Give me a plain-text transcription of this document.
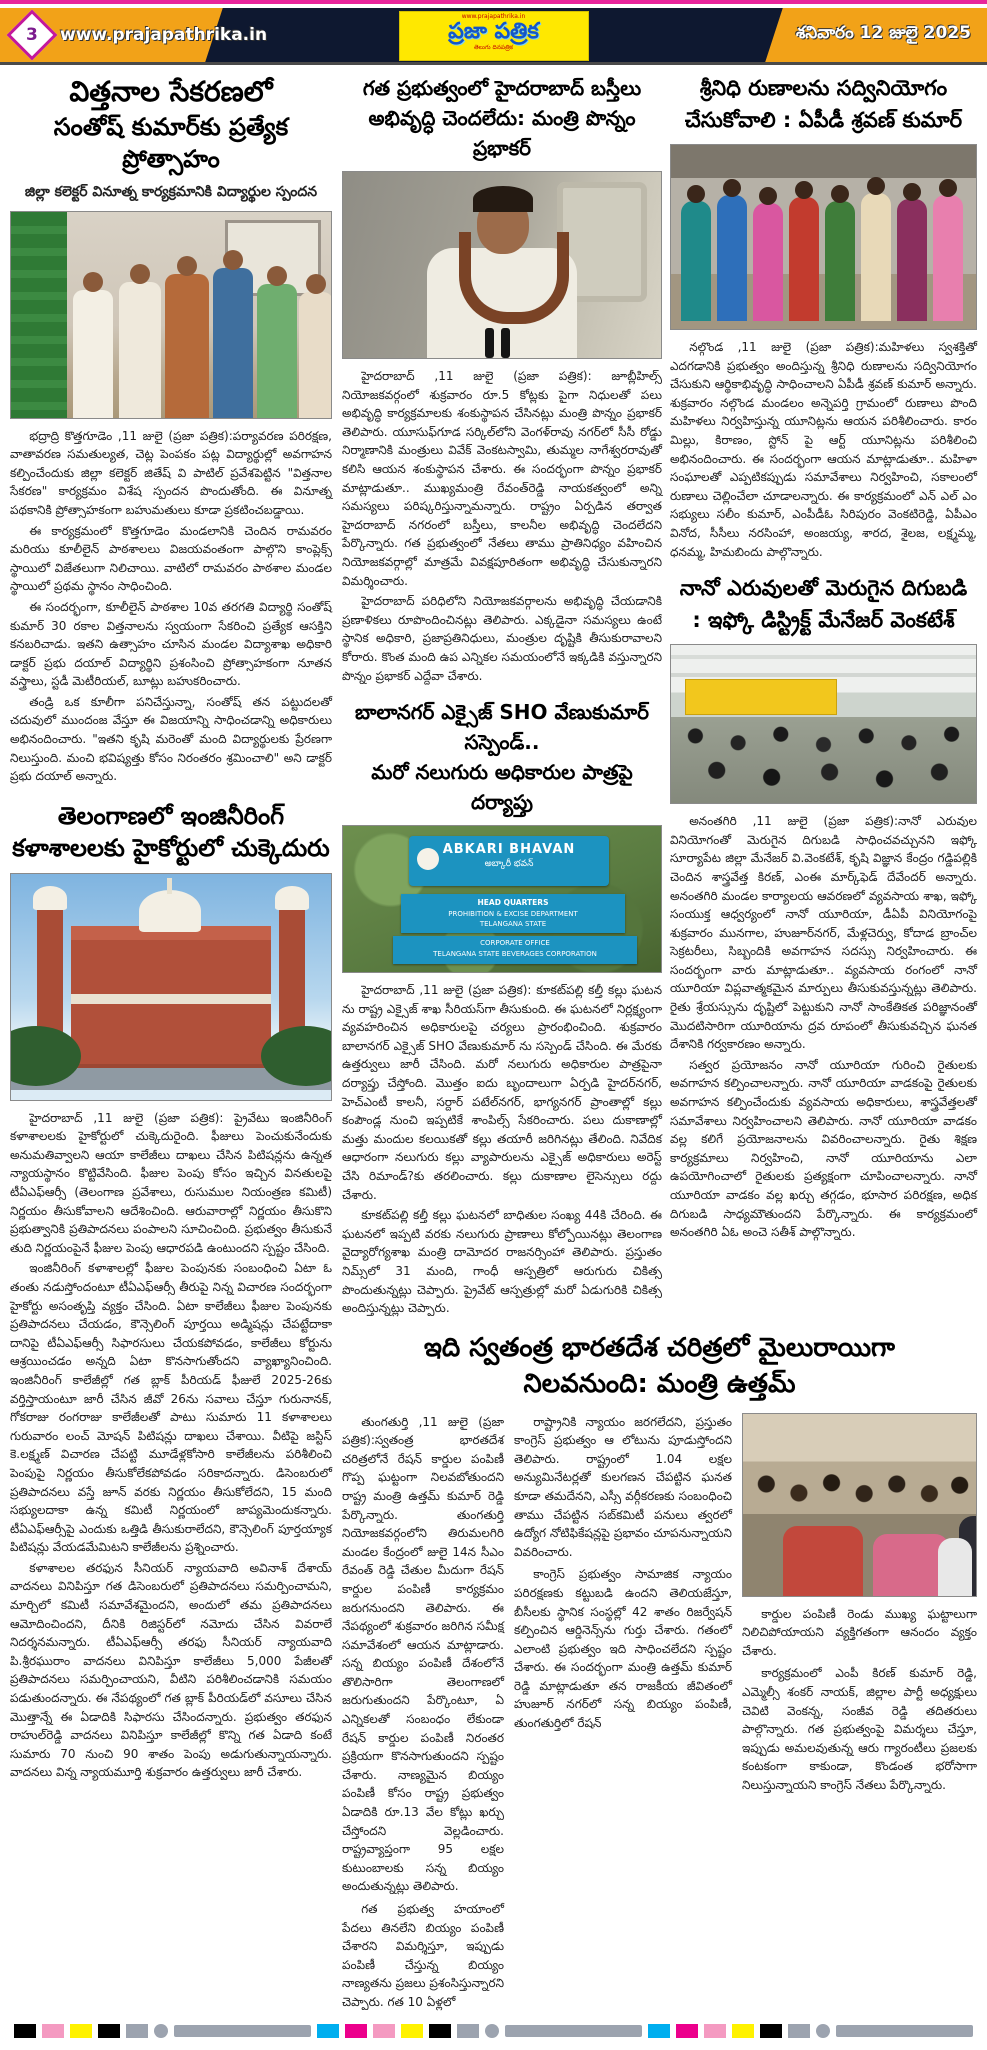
3 www.prajapathrika.in
www.prajapathrika.in
ప్రజా పత్రిక
తెలుగు దినపత్రిక
శనివారం 12 జులై 2025
విత్తనాల సేకరణలో
సంతోష్ కుమార్‌కు ప్రత్యేక ప్రోత్సాహం
జిల్లా కలెక్టర్ వినూత్న కార్యక్రమానికి విద్యార్థుల స్పందన

భద్రాద్రి కొత్తగూడెం ,11 జులై (ప్రజా పత్రిక):పర్యావరణ పరిరక్షణ, వాతావరణ సమతుల్యత, చెట్ల పెంపకం పట్ల విద్యార్థుల్లో అవగాహన కల్పించేందుకు జిల్లా కలెక్టర్ జితేష్ వి పాటిల్ ప్రవేశపెట్టిన "విత్తనాల సేకరణ" కార్యక్రమం విశేష స్పందన పొందుతోంది. ఈ వినూత్న పథకానికి ప్రోత్సాహకంగా బహుమతులు కూడా ప్రకటించబడ్డాయి.

ఈ కార్యక్రమంలో కొత్తగూడెం మండలానికి చెందిన రామవరం మరియు కూలీలైన్ పాఠశాలలు విజయవంతంగా పాల్గొని కాంప్లెక్స్ స్థాయిలో విజేతలుగా నిలిచాయి. వాటిలో రామవరం పాఠశాల మండల స్థాయిలో ప్రథమ స్థానం సాధించింది.

ఈ సందర్భంగా, కూలీలైన్ పాఠశాల 10వ తరగతి విద్యార్థి సంతోష్ కుమార్ 30 రకాల విత్తనాలను స్వయంగా సేకరించి ప్రత్యేక ఆసక్తిని కనబరిచాడు. ఇతని ఉత్సాహం చూసిన మండల విద్యాశాఖ అధికారి డాక్టర్ ప్రభు దయాల్ విద్యార్థిని ప్రశంసించి ప్రోత్సాహకంగా నూతన వస్త్రాలు, స్టడీ మెటీరియల్, బూట్లు బహుకరించారు.

తండ్రి ఒక కూలీగా పనిచేస్తున్నా, సంతోష్ తన పట్టుదలతో చదువులో ముందంజ వేస్తూ ఈ విజయాన్ని సాధించడాన్ని అధికారులు అభినందించారు. "ఇతని కృషి మరెంతో మంది విద్యార్థులకు ప్రేరణగా నిలుస్తుంది. మంచి భవిష్యత్తు కోసం నిరంతరం శ్రమించాలి" అని డాక్టర్ ప్రభు దయాల్ అన్నారు.

తెలంగాణలో ఇంజినీరింగ్
కళాశాలలకు హైకోర్టులో చుక్కెదురు

హైదరాబాద్ ,11 జులై (ప్రజా పత్రిక): ప్రైవేటు ఇంజినీరింగ్ కళాశాలలకు హైకోర్టులో చుక్కెదురైంది. ఫీజులు పెంచుకునేందుకు అనుమతివ్వాలని ఆయా కాలేజీలు దాఖలు చేసిన పిటిషన్లను ఉన్నత న్యాయస్థానం కొట్టివేసింది. ఫీజుల పెంపు కోసం ఇచ్చిన వినతులపై టీఏఎఫ్ఆర్సీ (తెలంగాణ ప్రవేశాలు, రుసుముల నియంత్రణ కమిటీ) నిర్ణయం తీసుకోవాలని ఆదేశించింది. ఆరువారాల్లో నిర్ణయం తీసుకొని ప్రభుత్వానికి ప్రతిపాదనలు పంపాలని సూచించింది. ప్రభుత్వం తీసుకునే తుది నిర్ణయంపైనే ఫీజుల పెంపు ఆధారపడి ఉంటుందని స్పష్టం చేసింది.

ఇంజినీరింగ్ కళాశాలల్లో ఫీజుల పెంపునకు సంబంధించి ఏటా ఓ తంతు నడుస్తోందంటూ టీఏఎఫ్ఆర్సీ తీరుపై నిన్న విచారణ సందర్భంగా హైకోర్టు అసంతృప్తి వ్యక్తం చేసింది. ఏటా కాలేజీలు ఫీజుల పెంపునకు ప్రతిపాదనలు చేయడం, కౌన్సెలింగ్ పూర్తయి అడ్మిషన్లు చేపట్టేదాకా దానిపై టీఏఎఫ్ఆర్సీ సిఫారసులు చేయకపోవడం, కాలేజీలు కోర్టును ఆశ్రయించడం అన్నది ఏటా కొనసాగుతోందని వ్యాఖ్యానించింది. ఇంజినీరింగ్ కాలేజీల్లో గత బ్లాక్ పీరియడ్ ఫీజులే 2025-26కు వర్తిస్తాయంటూ జారీ చేసిన జీవో 26ను సవాలు చేస్తూ గురునానక్, గోకరాజు రంగరాజు కాలేజీలతో పాటు సుమారు 11 కళాశాలలు గురువారం లంచ్ మోషన్ పిటిషన్లు దాఖలు చేశాయి. వీటిపై జస్టిస్ కె.లక్ష్మణ్ విచారణ చేపట్టి మూడేళ్లకోసారి కాలేజీలను పరిశీలించి పెంపుపై నిర్ణయం తీసుకోలేకపోవడం సరికాదన్నారు. డిసెంబరులో ప్రతిపాదనలు వస్తే జూన్ వరకు నిర్ణయం తీసుకోలేదని, 15 మంది సభ్యులదాకా ఉన్న కమిటీ నిర్ణయంలో జాప్యమెందుకన్నారు. టీఏఎఫ్ఆర్సీపై ఎందుకు ఒత్తిడి తీసుకురాలేదని, కౌన్సెలింగ్ పూర్తయ్యాక పిటిషన్లు వేయడమేమిటని కాలేజీలను ప్రశ్నించారు.

కళాశాలల తరఫున సీనియర్ న్యాయవాది అవినాశ్ దేశాయ్ వాదనలు వినిపిస్తూ గత డిసెంబరులో ప్రతిపాదనలు సమర్పించామని, మార్చిలో కమిటీ సమావేశమైందని, అందులో తమ ప్రతిపాదనలు ఆమోదించిందని, దీనికి రిజిస్టర్‌లో నమోదు చేసిన వివరాలే నిదర్శనమన్నారు. టీఏఎఫ్ఆర్సీ తరఫు సీనియర్ న్యాయవాది పి.శ్రీరఘురాం వాదనలు వినిపిస్తూ కాలేజీలు 5,000 పేజీలతో ప్రతిపాదనలు సమర్పించాయని, వీటిని పరిశీలించడానికి సమయం పడుతుందన్నారు. ఈ నేపథ్యంలో గత బ్లాక్ పీరియడ్‌లో వసూలు చేసిన మొత్తాన్నే ఈ ఏడాదికి సిఫారసు చేసిందన్నారు. ప్రభుత్వం తరఫున రాహుల్‌రెడ్డి వాదనలు వినిపిస్తూ కాలేజీల్లో కొన్ని గత ఏడాది కంటే సుమారు 70 నుంచి 90 శాతం పెంపు అడుగుతున్నాయన్నారు. వాదనలు విన్న న్యాయమూర్తి శుక్రవారం ఉత్తర్వులు జారీ చేశారు.

గత ప్రభుత్వంలో హైదరాబాద్ బస్తీలు
అభివృద్ధి చెందలేదు: మంత్రి పొన్నం ప్రభాకర్

హైదరాబాద్ ,11 జులై (ప్రజా పత్రిక): జూబ్లీహిల్స్ నియోజకవర్గంలో శుక్రవారం రూ.5 కోట్లకు పైగా నిధులతో పలు అభివృద్ధి కార్యక్రమాలకు శంకుస్థాపన చేసినట్లు మంత్రి పొన్నం ప్రభాకర్ తెలిపారు. యూసుఫ్‌గూడ సర్కిల్‌లోని వెంగళ్‌రావు నగర్‌లో సీసీ రోడ్డు నిర్మాణానికి మంత్రులు వివేక్ వెంకటస్వామి, తుమ్మల నాగేశ్వరరావుతో కలిసి ఆయన శంకుస్థాపన చేశారు. ఈ సందర్భంగా పొన్నం ప్రభాకర్ మాట్లాడుతూ.. ముఖ్యమంత్రి రేవంత్‌రెడ్డి నాయకత్వంలో అన్ని సమస్యలు పరిష్కరిస్తున్నామన్నారు. రాష్ట్రం ఏర్పడిన తర్వాత హైదరాబాద్ నగరంలో బస్తీలు, కాలనీల అభివృద్ధి చెందలేదని పేర్కొన్నారు. గత ప్రభుత్వంలో నేతలు తాము ప్రాతినిధ్యం వహించిన నియోజకవర్గాల్లో మాత్రమే వివక్షపూరితంగా అభివృద్ధి చేసుకున్నారని విమర్శించారు.

హైదరాబాద్ పరిధిలోని నియోజకవర్గాలను అభివృద్ధి చేయడానికి ప్రణాళికలు రూపొందించినట్లు తెలిపారు. ఎక్కడైనా సమస్యలు ఉంటే స్థానిక అధికారి, ప్రజాప్రతినిధులు, మంత్రుల దృష్టికి తీసుకురావాలని కోరారు. కొంత మంది ఉప ఎన్నికల సమయంలోనే ఇక్కడికి వస్తున్నారని పొన్నం ప్రభాకర్ ఎద్దేవా చేశారు.

బాలానగర్ ఎక్సైజ్ SHO వేణుకుమార్ సస్పెండ్..
మరో నలుగురు అధికారుల పాత్రపై దర్యాప్తు
ABKARI BHAVAN
అబ్కారీ భవన్
HEAD QUARTERS
PROHIBITION & EXCISE DEPARTMENT
TELANGANA STATE
CORPORATE OFFICE
TELANGANA STATE BEVERAGES CORPORATION

హైదరాబాద్ ,11 జులై (ప్రజా పత్రిక): కూకట్‌పల్లి కల్తీ కల్లు ఘటన ను రాష్ట్ర ఎక్సైజ్ శాఖ సీరియస్‌గా తీసుకుంది. ఈ ఘటనలో నిర్లక్ష్యంగా వ్యవహరించిన అధికారులపై చర్యలు ప్రారంభించింది. శుక్రవారం బాలానగర్ ఎక్సైజ్ SHO వేణుకుమార్ ను సస్పెండ్ చేసింది. ఈ మేరకు ఉత్తర్వులు జారీ చేసింది. మరో నలుగురు అధికారుల పాత్రపైనా దర్యాప్తు చేస్తోంది. మొత్తం ఐదు బృందాలుగా ఏర్పడి హైదర్‌నగర్, హెచ్ఎంటీ కాలనీ, సర్దార్ పటేల్‌నగర్, భాగ్యనగర్ ప్రాంతాల్లో కల్లు కంపౌండ్ల నుంచి ఇప్పటికే శాంపిల్స్ సేకరించారు. పలు దుకాణాల్లో మత్తు మందుల కలయికతో కల్లు తయారీ జరిగినట్లు తేలింది. నివేదిక ఆధారంగా నలుగురు కల్లు వ్యాపారులను ఎక్సైజ్ అధికారులు అరెస్ట్ చేసి రిమాండ్?కు తరలించారు. కల్లు దుకాణాల లైసెన్సులు రద్దు చేశారు.

కూకట్‌పల్లి కల్తీ కల్లు ఘటనలో బాధితుల సంఖ్య 44కి చేరింది. ఈ ఘటనలో ఇప్పటి వరకు నలుగురు ప్రాణాలు కోల్పోయినట్లు తెలంగాణ వైద్యారోగ్యశాఖ మంత్రి దామోదర రాజనర్సింహా తెలిపారు. ప్రస్తుతం నిమ్స్‌లో 31 మంది, గాంధీ ఆస్పత్రిలో ఆరుగురు చికిత్స పొందుతున్నట్లు చెప్పారు. ప్రైవేట్ ఆస్పత్రుల్లో మరో ఏడుగురికి చికిత్స అందిస్తున్నట్లు చెప్పారు.

శ్రీనిధి రుణాలను సద్వినియోగం
చేసుకోవాలి : ఏపీడీ శ్రవణ్ కుమార్

నల్గొండ ,11 జులై (ప్రజా పత్రిక):మహిళలు స్వశక్తితో ఎదగడానికి ప్రభుత్వం అందిస్తున్న శ్రీనిధి రుణాలను సద్వినియోగం చేసుకుని ఆర్థికాభివృద్ధి సాధించాలని ఏపీడీ శ్రవణ్ కుమార్ అన్నారు. శుక్రవారం నల్గొండ మండలం అన్నెపర్తి గ్రామంలో రుణాలు పొంది మహిళలు నిర్వహిస్తున్న యూనిట్లను ఆయన పరిశీలించారు. కారం మిల్లు, కిరాణం, స్టోన్ పై ఆర్ట్ యూనిట్లను పరిశీలించి అభినందించారు. ఈ సందర్భంగా ఆయన మాట్లాడుతూ.. మహిళా సంఘాలతో ఎప్పటికప్పుడు సమావేశాలు నిర్వహించి, సకాలంలో రుణాలు చెల్లించేలా చూడాలన్నారు. ఈ కార్యక్రమంలో ఎన్ ఎల్ ఎం సభ్యులు సలీం కుమార్, ఎంపీడీఓ సిరిపురం వెంకటిరెడ్డి, ఏపీఎం వినోద, సీసీలు నరసింహా, అంజయ్య, శారద, శైలజ, లక్ష్మమ్మ, ధనమ్మ, హిమబిందు పాల్గొన్నారు.

నానో ఎరువులతో మెరుగైన దిగుబడి
: ఇఫ్కో డిస్ట్రిక్ట్ మేనేజర్ వెంకటేశ్

అనంతగిరి ,11 జులై (ప్రజా పత్రిక):నానో ఎరువుల వినియోగంతో మెరుగైన దిగుబడి సాధించవచ్చునని ఇఫ్కో సూర్యాపేట జిల్లా మేనేజర్ వి.వెంకటేశ్, కృషి విజ్ఞాన కేంద్రం గడ్డిపల్లికి చెందిన శాస్త్రవేత్త కిరణ్, ఎంఈ మార్క్‌ఫెడ్ దేవేందర్ అన్నారు. అనంతగిరి మండల కార్యాలయ ఆవరణలో వ్యవసాయ శాఖ, ఇఫ్కో సంయుక్త ఆధ్వర్యంలో నానో యూరియా, డీఏపీ వినియోగంపై శుక్రవారం మునగాల, హుజూర్‌నగర్, మేళ్లచెర్వు, కోదాడ బ్రాంచ్‌ల సెక్రటరీలు, సిబ్బందికి అవగాహన సదస్సు నిర్వహించారు. ఈ సందర్భంగా వారు మాట్లాడుతూ.. వ్యవసాయ రంగంలో నానో యూరియా విప్లవాత్మకమైన మార్పులు తీసుకువస్తున్నట్లు తెలిపారు. రైతు శ్రేయస్సును దృష్టిలో పెట్టుకుని నానో సాంకేతికత పరిజ్ఞానంతో మొదటిసారిగా యూరియాను ద్రవ రూపంలో తీసుకువచ్చిన ఘనత దేశానికి గర్వకారణం అన్నారు.

సత్వర ప్రయోజనం నానో యూరియా గురించి రైతులకు అవగాహన కల్పించాలన్నారు. నానో యూరియా వాడకంపై రైతులకు అవగాహన కల్పించేందుకు వ్యవసాయ అధికారులు, శాస్త్రవేత్తలతో సమావేశాలు నిర్వహించాలని తెలిపారు. నానో యూరియా వాడకం వల్ల కలిగే ప్రయోజనాలను వివరించాలన్నారు. రైతు శిక్షణ కార్యక్రమాలు నిర్వహించి, నానో యూరియాను ఎలా ఉపయోగించాలో రైతులకు ప్రత్యక్షంగా చూపించాలన్నారు. నానో యూరియా వాడకం వల్ల ఖర్చు తగ్గడం, భూసార పరిరక్షణ, అధిక దిగుబడి సాధ్యమౌతుందని పేర్కొన్నారు. ఈ కార్యక్రమంలో అనంతగిరి ఏఓ అంచె సతీశ్ పాల్గొన్నారు.

ఇది స్వతంత్ర భారతదేశ చరిత్రలో మైలురాయిగా
నిలవనుంది: మంత్రి ఉత్తమ్

తుంగతుర్తి ,11 జులై (ప్రజా పత్రిక):స్వతంత్ర భారతదేశ చరిత్రలోనే రేషన్ కార్డుల పంపిణీ గొప్ప ఘట్టంగా నిలవబోతుందని రాష్ట్ర మంత్రి ఉత్తమ్ కుమార్ రెడ్డి పేర్కొన్నారు. తుంగతుర్తి నియోజకవర్గంలోని తిరుమలగిరి మండల కేంద్రంలో జులై 14న సీఎం రేవంత్ రెడ్డి చేతుల మీదుగా రేషన్ కార్డుల పంపిణీ కార్యక్రమం జరుగనుందని తెలిపారు. ఈ నేపథ్యంలో శుక్రవారం జరిగిన సమీక్ష సమావేశంలో ఆయన మాట్లాడారు. సన్న బియ్యం పంపిణీ దేశంలోనే తొలిసారిగా తెలంగాణలో జరుగుతుందని పేర్కొంటూ, ఏ ఎన్నికలతో సంబంధం లేకుండా రేషన్ కార్డుల పంపిణీ నిరంతర ప్రక్రియగా కొనసాగుతుందని స్పష్టం చేశారు. నాణ్యమైన బియ్యం పంపిణీ కోసం రాష్ట్ర ప్రభుత్వం ఏడాదికి రూ.13 వేల కోట్లు ఖర్చు చేస్తోందని వెల్లడించారు. రాష్ట్రవ్యాప్తంగా 95 లక్షల కుటుంబాలకు సన్న బియ్యం అందుతున్నట్లు తెలిపారు.

గత ప్రభుత్వ హయాంలో పేదలు తినలేని బియ్యం పంపిణీ చేశారని విమర్శిస్తూ, ఇప్పుడు పంపిణీ చేస్తున్న బియ్యం నాణ్యతను ప్రజలు ప్రశంసిస్తున్నారని చెప్పారు. గత 10 ఏళ్లలో

రాష్ట్రానికి న్యాయం జరగలేదని, ప్రస్తుతం కాంగ్రెస్ ప్రభుత్వం ఆ లోటును పూడుస్తోందని తెలిపారు. రాష్ట్రంలో 1.04 లక్షల అన్యుమినేటర్లతో కులగణన చేపట్టిన ఘనత కూడా తమదేనని, ఎస్సీ వర్గీకరణకు సంబంధించి తాము చేపట్టిన సబ్‌కమిటీ పనులు త్వరలో ఉద్యోగ నోటిఫికేషన్లపై ప్రభావం చూపనున్నాయని వివరించారు.

కాంగ్రెస్ ప్రభుత్వం సామాజిక న్యాయం పరిరక్షణకు కట్టుబడి ఉందని తెలియజేస్తూ, బీసీలకు స్థానిక సంస్థల్లో 42 శాతం రిజర్వేషన్ కల్పించిన ఆర్డినెన్స్‌ను గుర్తు చేశారు. గతంలో ఎలాంటి ప్రభుత్వం ఇది సాధించలేదని స్పష్టం చేశారు. ఈ సందర్భంగా మంత్రి ఉత్తమ్ కుమార్ రెడ్డి మాట్లాడుతూ తన రాజకీయ జీవితంలో హుజూర్ నగర్‌లో సన్న బియ్యం పంపిణీ, తుంగతుర్తిలో రేషన్

కార్డుల పంపిణీ రెండు ముఖ్య ఘట్టాలుగా నిలిచిపోయాయని వ్యక్తిగతంగా ఆనందం వ్యక్తం చేశారు.

కార్యక్రమంలో ఎంపీ కిరణ్ కుమార్ రెడ్డి, ఎమ్మెల్సీ శంకర్ నాయక్, జిల్లాల పార్టీ అధ్యక్షులు చెవిటి వెంకన్న, సంజీవ రెడ్డి తదితరులు పాల్గొన్నారు. గత ప్రభుత్వంపై విమర్శలు చేస్తూ, ఇప్పుడు అమలవుతున్న ఆరు గ్యారంటీలు ప్రజలకు కంటకంగా కాకుండా, కొండంత భరోసాగా నిలుస్తున్నాయని కాంగ్రెస్ నేతలు పేర్కొన్నారు.
